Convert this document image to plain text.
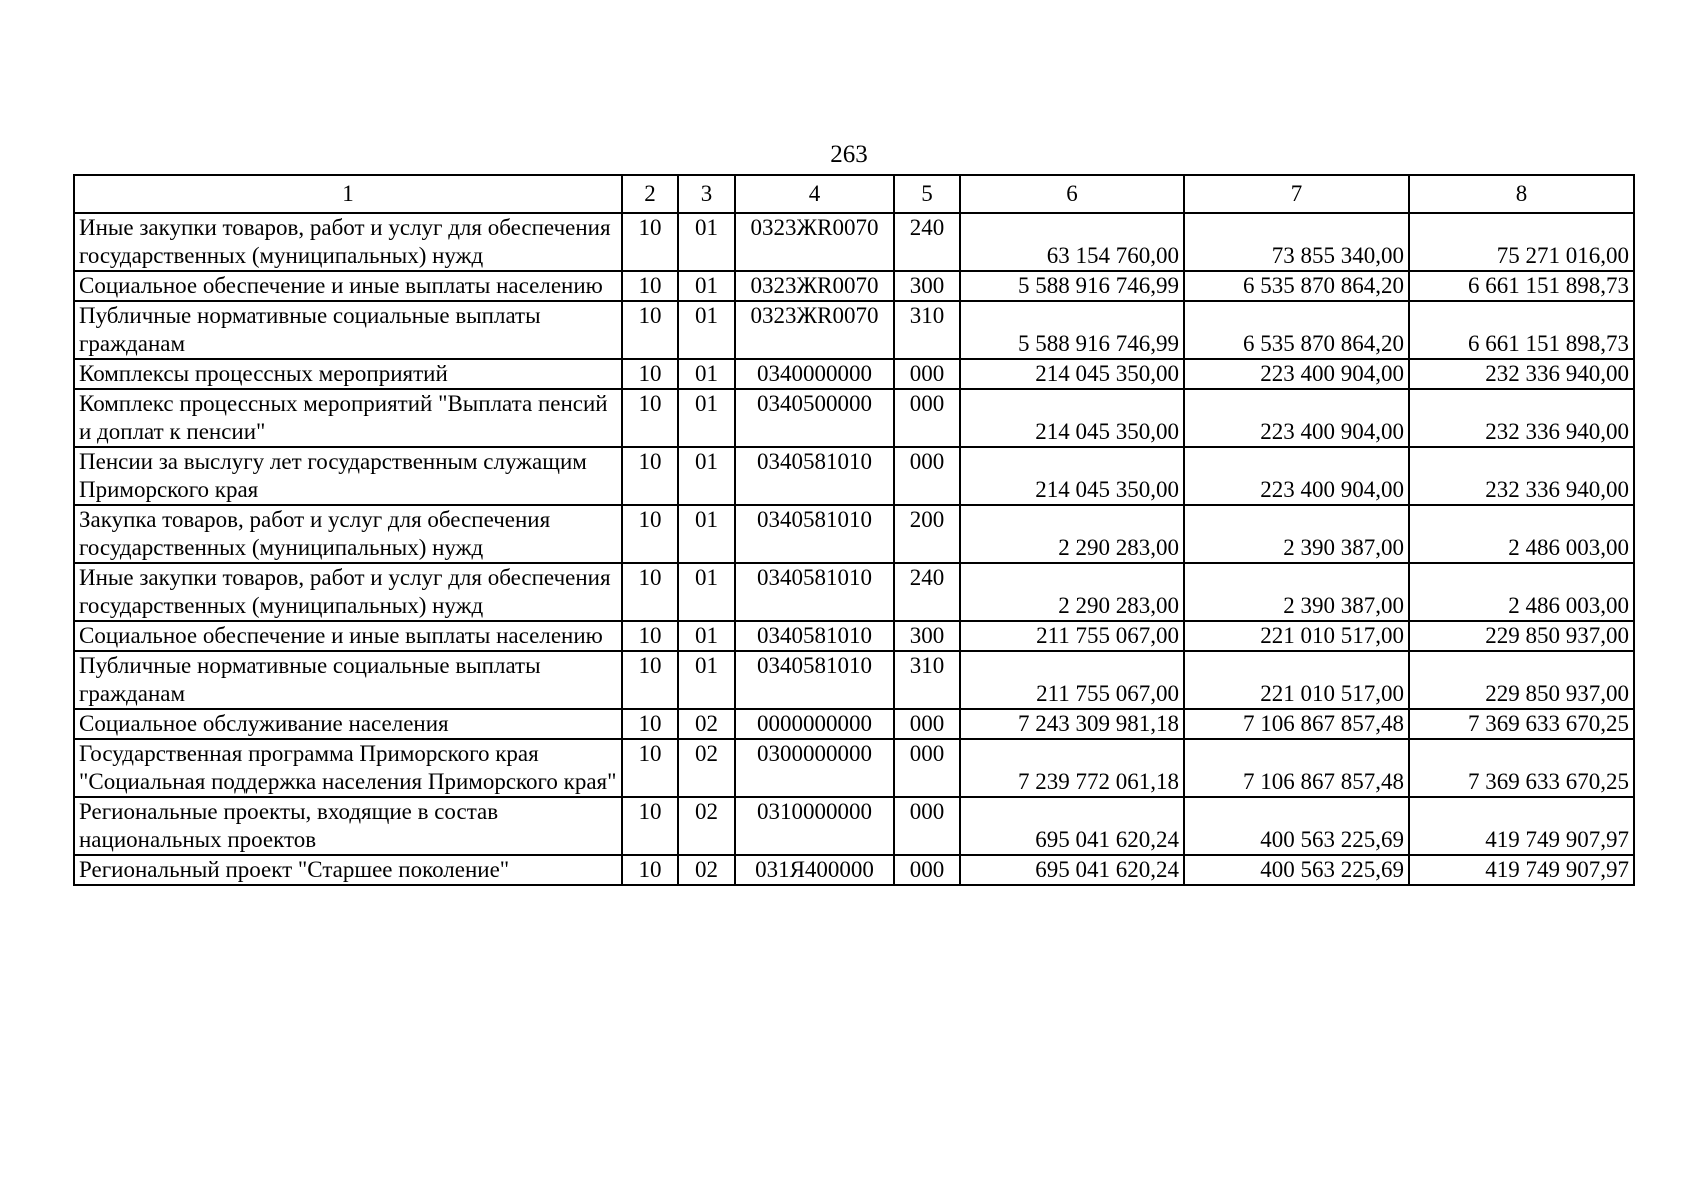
263
1	2	3	4	5	6	7	8
Иные закупки товаров, работ и услуг для обеспечения государственных (муниципальных) нужд	10	01	0323ЖR0070	240	63 154 760,00	73 855 340,00	75 271 016,00
Социальное обеспечение и иные выплаты населению	10	01	0323ЖR0070	300	5 588 916 746,99	6 535 870 864,20	6 661 151 898,73
Публичные нормативные социальные выплаты гражданам	10	01	0323ЖR0070	310	5 588 916 746,99	6 535 870 864,20	6 661 151 898,73
Комплексы процессных мероприятий	10	01	0340000000	000	214 045 350,00	223 400 904,00	232 336 940,00
Комплекс процессных мероприятий "Выплата пенсий и доплат к пенсии"	10	01	0340500000	000	214 045 350,00	223 400 904,00	232 336 940,00
Пенсии за выслугу лет государственным служащим Приморского края	10	01	0340581010	000	214 045 350,00	223 400 904,00	232 336 940,00
Закупка товаров, работ и услуг для обеспечения государственных (муниципальных) нужд	10	01	0340581010	200	2 290 283,00	2 390 387,00	2 486 003,00
Иные закупки товаров, работ и услуг для обеспечения государственных (муниципальных) нужд	10	01	0340581010	240	2 290 283,00	2 390 387,00	2 486 003,00
Социальное обеспечение и иные выплаты населению	10	01	0340581010	300	211 755 067,00	221 010 517,00	229 850 937,00
Публичные нормативные социальные выплаты гражданам	10	01	0340581010	310	211 755 067,00	221 010 517,00	229 850 937,00
Социальное обслуживание населения	10	02	0000000000	000	7 243 309 981,18	7 106 867 857,48	7 369 633 670,25
Государственная программа Приморского края "Социальная поддержка населения Приморского края"	10	02	0300000000	000	7 239 772 061,18	7 106 867 857,48	7 369 633 670,25
Региональные проекты, входящие в состав национальных проектов	10	02	0310000000	000	695 041 620,24	400 563 225,69	419 749 907,97
Региональный проект "Старшее поколение"	10	02	031Я400000	000	695 041 620,24	400 563 225,69	419 749 907,97
